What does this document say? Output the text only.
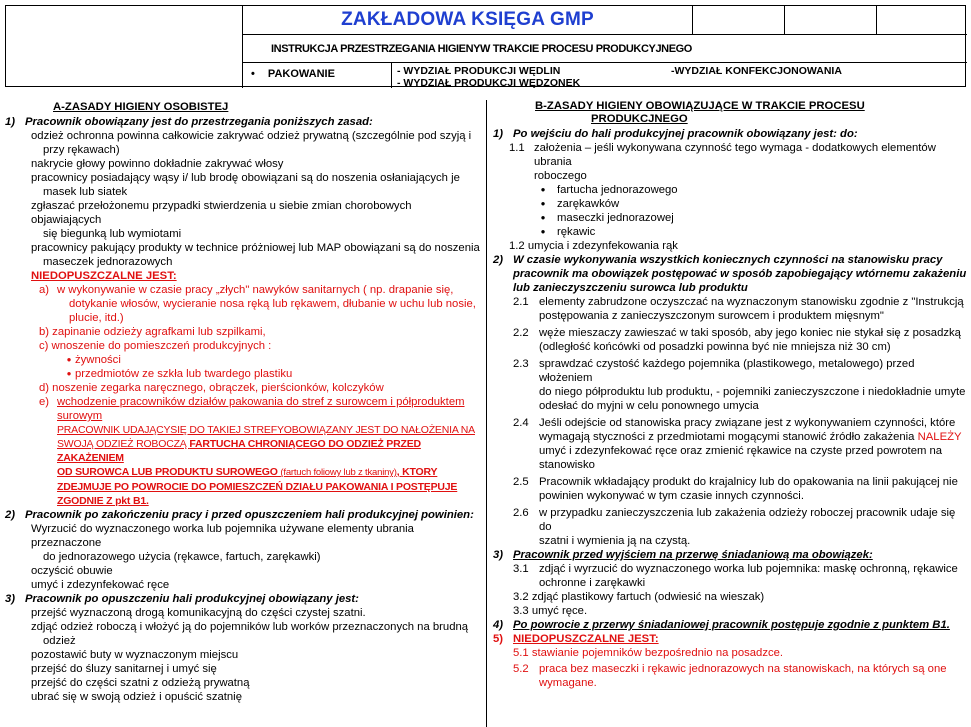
ZAKŁADOWA KSIĘGA GMP
INSTRUKCJA PRZESTRZEGANIA HIGIENYW TRAKCIE PROCESU PRODUKCYJNEGO
• PAKOWANIE	- WYDZIAŁ PRODUKCJI WĘDLIN
- WYDZIAŁ PRODUKCJI WĘDZONEK
-WYDZIAŁ KONFEKCJONOWANIA
A-ZASADY HIGIENY OSOBISTEJ
1) Pracownik obowiązany jest do przestrzegania poniższych zasad:
odzież ochronna powinna całkowicie zakrywać odzież prywatną (szczególnie pod szyją i
przy rękawach)
nakrycie głowy powinno dokładnie zakrywać włosy
pracownicy posiadający wąsy i/ lub brodę obowiązani są do noszenia osłaniających je
masek lub siatek
zgłaszać przełożonemu przypadki stwierdzenia u siebie zmian chorobowych objawiających
się biegunką lub wymiotami
pracownicy pakujący produkty w technice próżniowej lub MAP obowiązani są do noszenia
maseczek jednorazowych
NIEDOPUSZCZALNE JEST:
a) w wykonywanie w czasie pracy „złych" nawyków sanitarnych ( np. drapanie się,
dotykanie włosów, wycieranie nosa ręką lub rękawem, dłubanie w uchu lub nosie,
plucie, itd.)
b) zapinanie odzieży agrafkami lub szpilkami,
c) wnoszenie do pomieszczeń produkcyjnych :
● żywności
● przedmiotów ze szkła lub twardego plastiku
d) noszenie zegarka naręcznego, obrączek, pierścionków, kolczyków
e) wchodzenie pracowników działów pakowania do stref z surowcem i półproduktem
surowym
PRACOWNIK UDAJĄCYSIĘ DO TAKIEJ STREFYOBOWIĄZANY JEST DO NAŁOŻENIA NA
SWOJĄ ODZIEŻ ROBOCZĄ FARTUCHA CHRONIĄCEGO DO ODZIEŻ PRZED ZAKAŻENIEM
OD SUROWCA LUB PRODUKTU SUROWEGO (fartuch foliowy lub z tkaniny), KTORY
ZDEJMUJE PO POWROCIE DO POMIESZCZEŃ DZIAŁU PAKOWANIA I POSTĘPUJE
ZGODNIE Z pkt B1.
2) Pracownik po zakończeniu pracy i przed opuszczeniem hali produkcyjnej powinien:
Wyrzucić do wyznaczonego worka lub pojemnika używane elementy ubrania przeznaczone
do jednorazowego użycia (rękawce, fartuch, zarękawki)
oczyścić obuwie
umyć i zdezynfekować ręce
3) Pracownik po opuszczeniu hali produkcyjnej obowiązany jest:
przejść wyznaczoną drogą komunikacyjną do części czystej szatni.
zdjąć odzież roboczą i włożyć ją do pojemników lub worków przeznaczonych na brudną
odzież
pozostawić buty w wyznaczonym miejscu
przejść do śluzy sanitarnej i umyć się
przejść do części szatni z odzieżą prywatną
ubrać się w swoją odzież i opuścić szatnię
B-ZASADY HIGIENY OBOWIĄZUJĄCE W TRAKCIE PROCESU
PRODUKCJNEGO
1) Po wejściu do hali produkcyjnej pracownik obowiązany jest: do:
1.1 założenia – jeśli wykonywana czynność tego wymaga - dodatkowych elementów ubrania
roboczego
●	fartucha jednorazowego
●	zarękawków
●	maseczki jednorazowej
●	rękawic
1.2 umycia i zdezynfekowania rąk
2) W czasie wykonywania wszystkich koniecznych czynności na stanowisku pracy
pracownik ma obowiązek postępować w sposób zapobiegający wtórnemu zakażeniu
lub zanieczyszczeniu surowca lub produktu
2.1 elementy zabrudzone oczyszczać na wyznaczonym stanowisku zgodnie z "Instrukcją
postępowania z zanieczyszczonym surowcem i produktem mięsnym"
2.2 węże mieszaczy zawieszać w taki sposób, aby jego koniec nie stykał się z posadzką
(odległość końcówki od posadzki powinna być nie mniejsza niż 30 cm)
2.3 sprawdzać czystość każdego pojemnika (plastikowego, metalowego) przed włożeniem
do niego półproduktu lub produktu, - pojemniki zanieczyszczone i niedokładnie umyte
odesłać do myjni w celu ponownego umycia
2.4 Jeśli odejście od stanowiska pracy związane jest z wykonywaniem czynności, które
wymagają styczności z przedmiotami mogącymi stanowić źródło zakażenia NALEŻY
umyć i zdezynfekować ręce oraz zmienić rękawice na czyste przed powrotem na
stanowisko
2.5 Pracownik wkładający produkt do krajalnicy lub do opakowania na linii pakującej nie
powinien wykonywać w tym czasie innych czynności.
2.6 w przypadku zanieczyszczenia lub zakażenia odzieży roboczej pracownik udaje się do
szatni i wymienia ją na czystą.
3) Pracownik przed wyjściem na przerwę śniadaniową ma obowiązek:
3.1 zdjąć i wyrzucić do wyznaczonego worka lub pojemnika: maskę ochronną, rękawice
ochronne i zarękawki
3.2 zdjąć plastikowy fartuch (odwiesić na wieszak)
3.3 umyć ręce.
4) Po powrocie z przerwy śniadaniowej pracownik postępuje zgodnie z punktem B1.
5) NIEDOPUSZCZALNE JEST:
5.1 stawianie pojemników bezpośrednio na posadzce.
5.2 praca bez maseczki i rękawic jednorazowych na stanowiskach, na których są one
wymagane.
